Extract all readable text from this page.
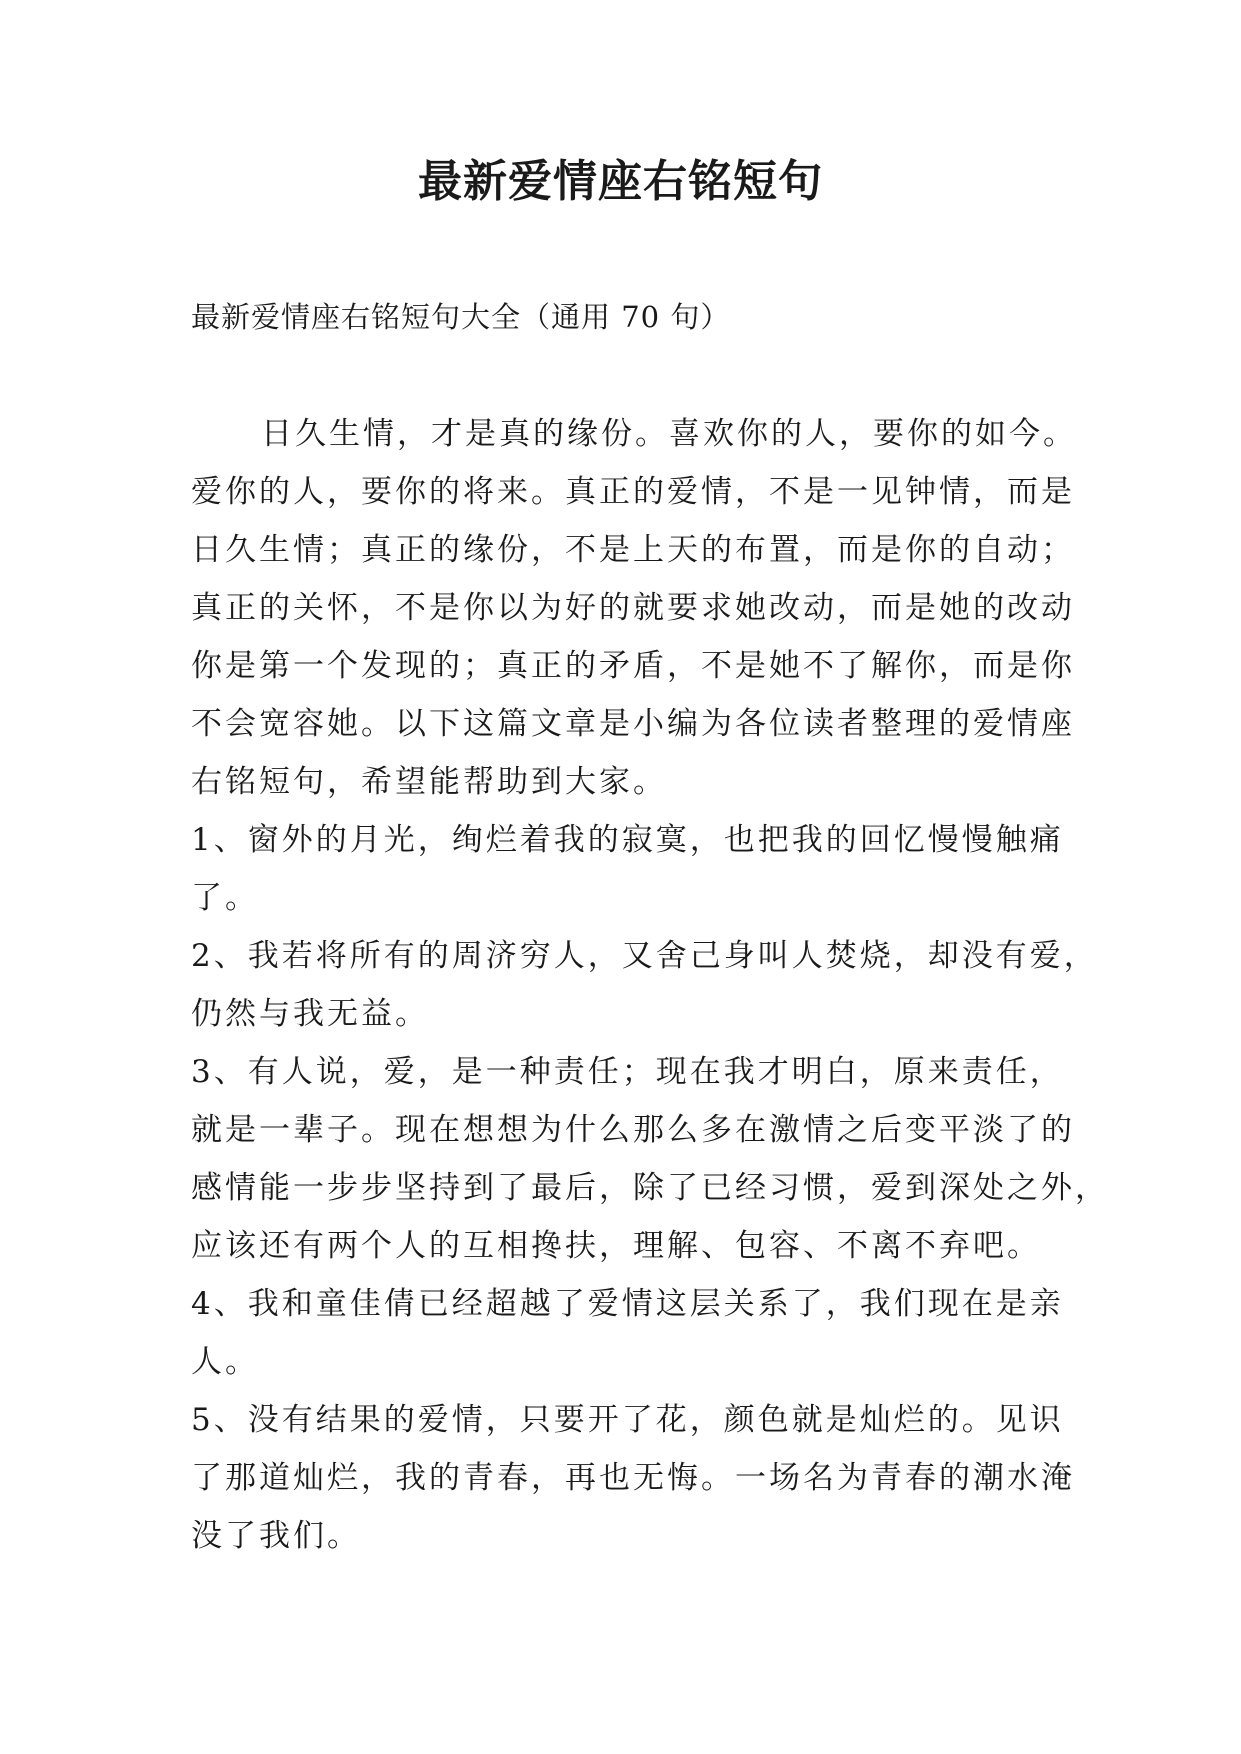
最新爱情座右铭短句

最新爱情座右铭短句大全（通用 70 句）

日久生情，才是真的缘份。喜欢你的人，要你的如今。
爱你的人，要你的将来。真正的爱情，不是一见钟情，而是
日久生情；真正的缘份，不是上天的布置，而是你的自动；
真正的关怀，不是你以为好的就要求她改动，而是她的改动
你是第一个发现的；真正的矛盾，不是她不了解你，而是你
不会宽容她。以下这篇文章是小编为各位读者整理的爱情座
右铭短句，希望能帮助到大家。
1、窗外的月光，绚烂着我的寂寞，也把我的回忆慢慢触痛
了。
2、我若将所有的周济穷人，又舍己身叫人焚烧，却没有爱，
仍然与我无益。
3、有人说，爱，是一种责任；现在我才明白，原来责任，
就是一辈子。现在想想为什么那么多在激情之后变平淡了的
感情能一步步坚持到了最后，除了已经习惯，爱到深处之外，
应该还有两个人的互相搀扶，理解、包容、不离不弃吧。
4、我和童佳倩已经超越了爱情这层关系了，我们现在是亲
人。
5、没有结果的爱情，只要开了花，颜色就是灿烂的。见识
了那道灿烂，我的青春，再也无悔。一场名为青春的潮水淹
没了我们。
